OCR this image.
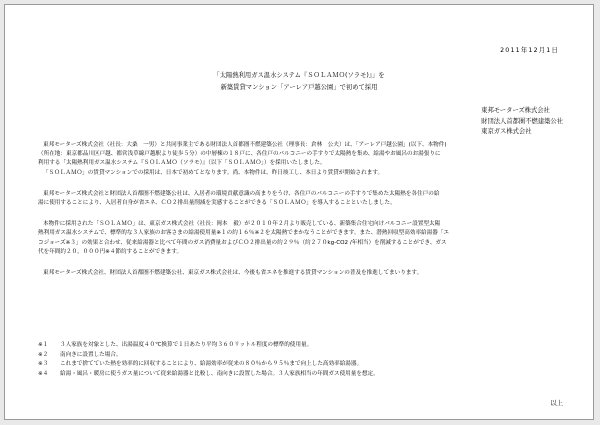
2011年12月1日
「太陽熱利用ガス温水システム『ＳＯＬＡＭＯ(ソラモ)』」を
新築賃貸マンション「アーレア戸越公園」で初めて採用
東邦モーターズ株式会社
財団法人首都圏不燃建築公社
東京ガス株式会社

東邦モーターズ株式会社（社長：大桑　一男）と共同事業主である財団法人首都圏不燃建築公社（理事長：倉林　公夫）は、「アーレア戸越公園」(以下、本物件)
（所在地：東京都品川区戸越、都営浅草線戸越駅より徒歩５分）の中層棟の１８戸に、各住戸のバルコニーの手すりで太陽熱を集め、給湯やお風呂のお湯張りに
利用する「太陽熱利用ガス温水システム『ＳＯＬＡＭＯ（ソラモ）』（以下「ＳＯＬＡＭＯ」）を採用いたしました。
「ＳＯＬＡＭＯ」の賃貸マンションでの採用は、日本で初めてとなります。尚、本物件は、昨日竣工し、本日より賃貸が開始されます。

東邦モーターズ株式会社と財団法人首都圏不燃建築公社は、入居者の環境貢献意識の高まりをうけ、各住戸のバルコニーの手すりで集めた太陽熱を各住戸の給
湯に使用することにより、入居者自身が省エネ、ＣＯ２排出量削減を実感することができる「ＳＯＬＡＭＯ」を導入することといたしました。

本物件に採用された「ＳＯＬＡＭＯ」は、東京ガス株式会社（社長：岡本　毅）が２０１０年２月より販売している、新築集合住宅向けバルコニー設置型太陽
熱利用ガス温水システムで、標準的な３人家族のお客さまの給湯使用量※１の約１６％※２を太陽熱でまかなうことができます。また、潜熱回収型高効率給湯器「エ
コジョーズ※３」の効果と合わせ、従来給湯器と比べて年間のガス消費量およびＣＯ２排出量の約２９％（約２７０kg-CO2 /年相当）を削減することができ、ガス
代を年間約２０，０００円※４節約することができます。

東邦モーターズ株式会社、財団法人首都圏不燃建築公社、東京ガス株式会社は、今後も省エネを推進する賃貸マンションの普及を推進してまいります。

※１	３人家族を対象とした、出湯温度４０℃換算で１日あたり平均３６０リットル程度の標準的使用量。
※２	南向きに設置した場合。
※３	これまで捨てていた熱を効率的に回収することにより、給湯効率が従来の８０％から９５％まで向上した高効率給湯器。
※４	給湯・風呂・暖房に使うガス量について従来給湯器と比較し、南向きに設置した場合。３人家族相当の年間ガス使用量を想定。
以上
